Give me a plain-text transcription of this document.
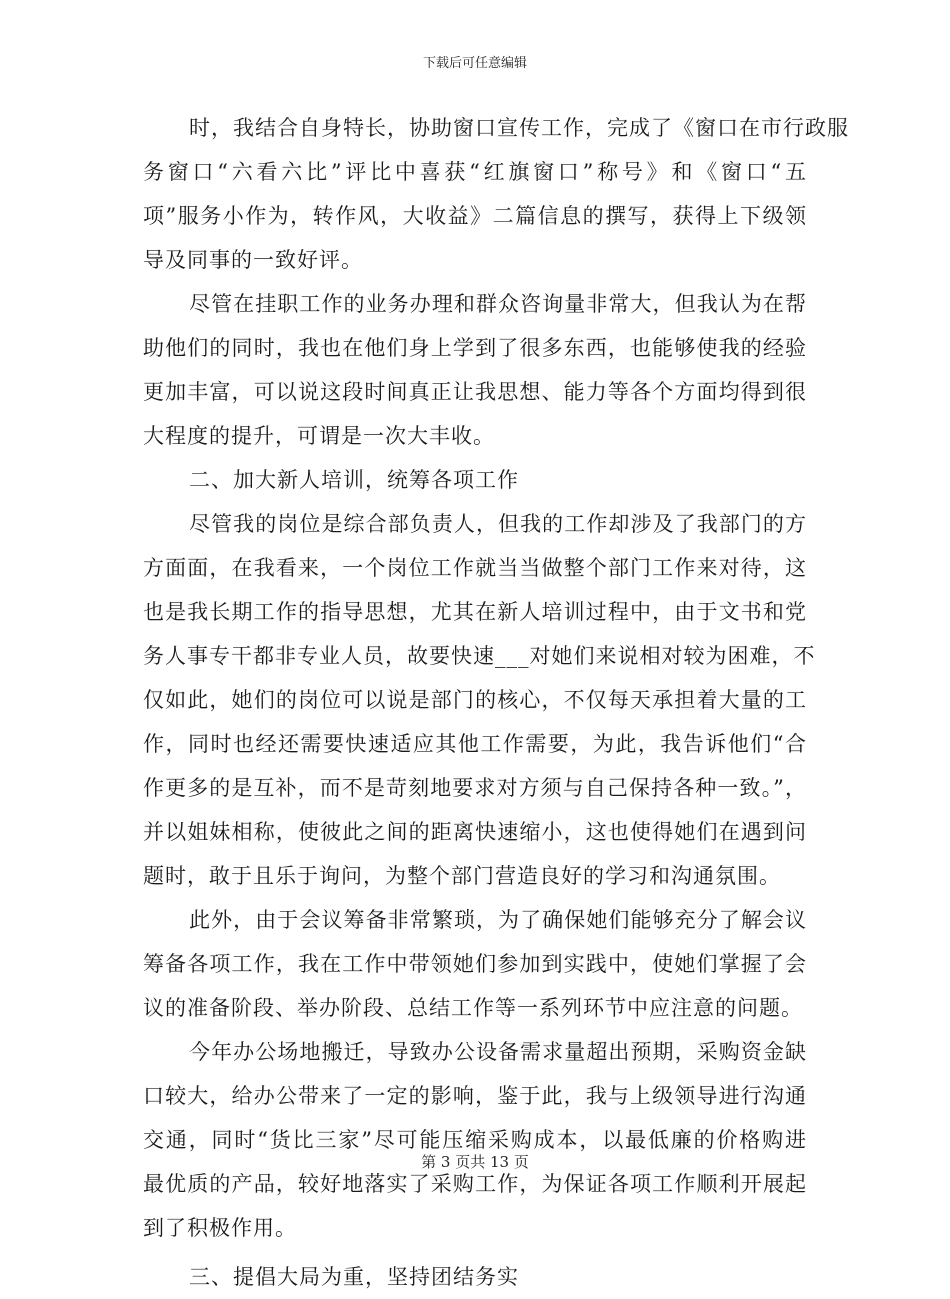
下载后可任意编辑
时，我结合自身特长，协助窗口宣传工作，完成了《窗口在市行政服
务窗口“六看六比”评比中喜获“红旗窗口”称号》和《窗口“五
项”服务小作为，转作风，大收益》二篇信息的撰写，获得上下级领
导及同事的一致好评。
尽管在挂职工作的业务办理和群众咨询量非常大，但我认为在帮
助他们的同时，我也在他们身上学到了很多东西，也能够使我的经验
更加丰富，可以说这段时间真正让我思想、能力等各个方面均得到很
大程度的提升，可谓是一次大丰收。
二、加大新人培训，统筹各项工作
尽管我的岗位是综合部负责人，但我的工作却涉及了我部门的方
方面面，在我看来，一个岗位工作就当当做整个部门工作来对待，这
也是我长期工作的指导思想，尤其在新人培训过程中，由于文书和党
务人事专干都非专业人员，故要快速___对她们来说相对较为困难，不
仅如此，她们的岗位可以说是部门的核心，不仅每天承担着大量的工
作，同时也经还需要快速适应其他工作需要，为此，我告诉他们“合
作更多的是互补，而不是苛刻地要求对方须与自己保持各种一致。”，
并以姐妹相称，使彼此之间的距离快速缩小，这也使得她们在遇到问
题时，敢于且乐于询问，为整个部门营造良好的学习和沟通氛围。
此外，由于会议筹备非常繁琐，为了确保她们能够充分了解会议
筹备各项工作，我在工作中带领她们参加到实践中，使她们掌握了会
议的准备阶段、举办阶段、总结工作等一系列环节中应注意的问题。
今年办公场地搬迁，导致办公设备需求量超出预期，采购资金缺
口较大，给办公带来了一定的影响，鉴于此，我与上级领导进行沟通
交通，同时“货比三家”尽可能压缩采购成本，以最低廉的价格购进
最优质的产品，较好地落实了采购工作，为保证各项工作顺利开展起
到了积极作用。
三、提倡大局为重，坚持团结务实
第 3 页共 13 页
